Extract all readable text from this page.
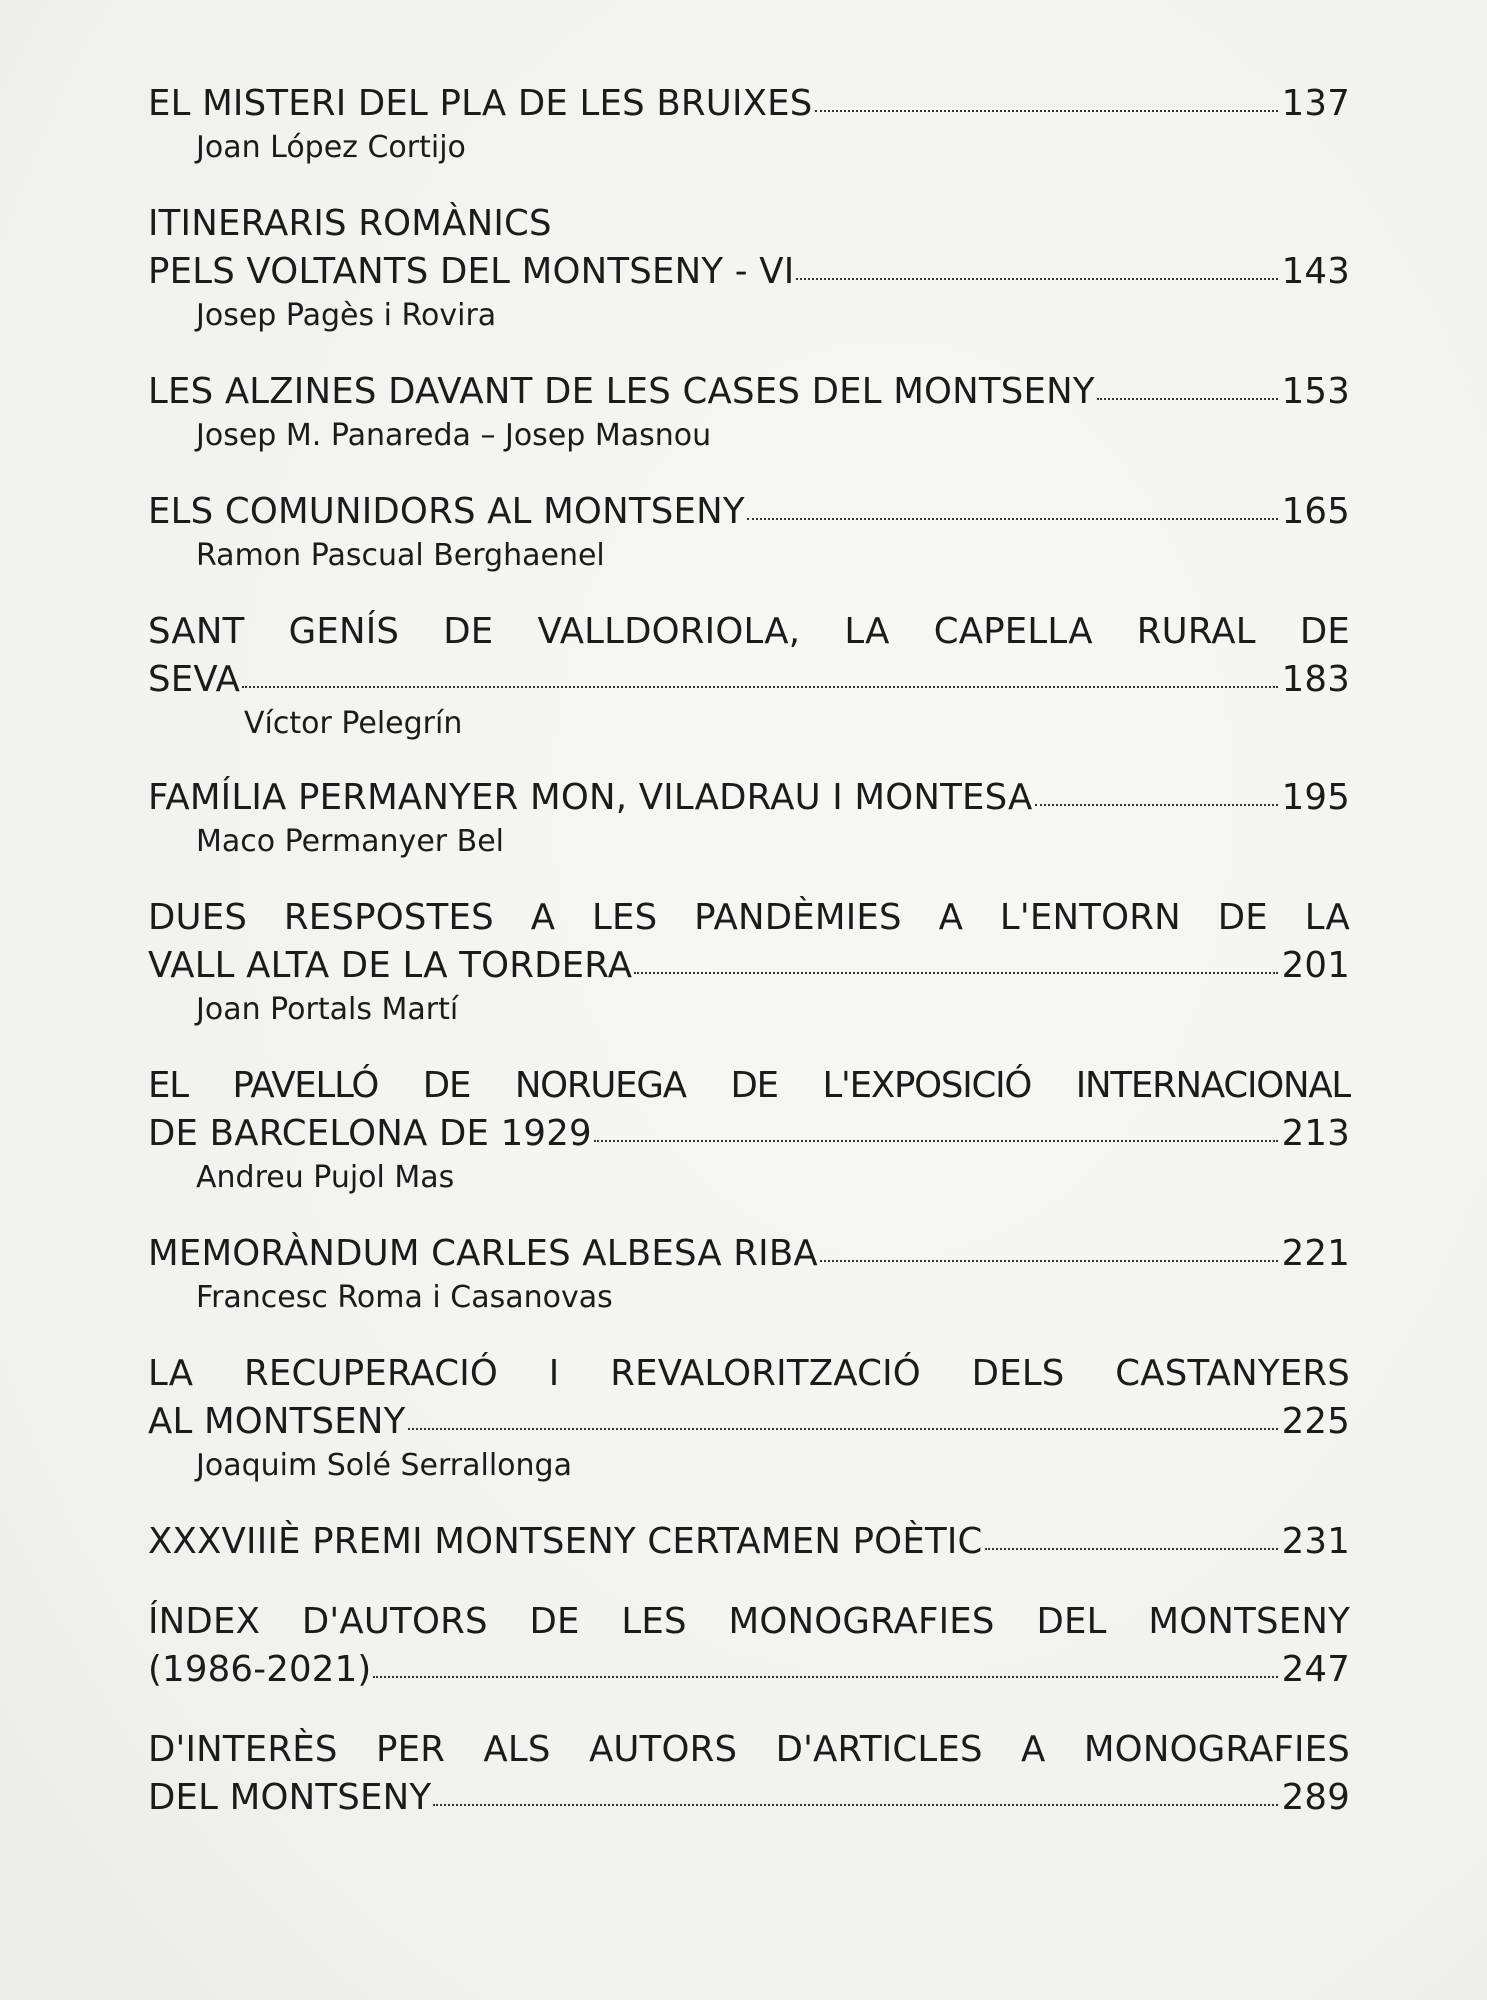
EL MISTERI DEL PLA DE LES BRUIXES	137
Joan López Cortijo
ITINERARIS ROMÀNICS
PELS VOLTANTS DEL MONTSENY - VI	143
Josep Pagès i Rovira
LES ALZINES DAVANT DE LES CASES DEL MONTSENY	153
Josep M. Panareda – Josep Masnou
ELS COMUNIDORS AL MONTSENY	165
Ramon Pascual Berghaenel
SANT GENÍS DE VALLDORIOLA, LA CAPELLA RURAL DE
SEVA	183
Víctor Pelegrín
FAMÍLIA PERMANYER MON, VILADRAU I MONTESA	195
Maco Permanyer Bel
DUES RESPOSTES A LES PANDÈMIES A L'ENTORN DE LA
VALL ALTA DE LA TORDERA	201
Joan Portals Martí
EL PAVELLÓ DE NORUEGA DE L'EXPOSICIÓ INTERNACIONAL
DE BARCELONA DE 1929	213
Andreu Pujol Mas
MEMORÀNDUM CARLES ALBESA RIBA	221
Francesc Roma i Casanovas
LA RECUPERACIÓ I REVALORITZACIÓ DELS CASTANYERS
AL MONTSENY	225
Joaquim Solé Serrallonga
XXXVIIIÈ PREMI MONTSENY CERTAMEN POÈTIC	231
ÍNDEX D'AUTORS DE LES MONOGRAFIES DEL MONTSENY
(1986-2021)	247
D'INTERÈS PER ALS AUTORS D'ARTICLES A MONOGRAFIES
DEL MONTSENY	289
